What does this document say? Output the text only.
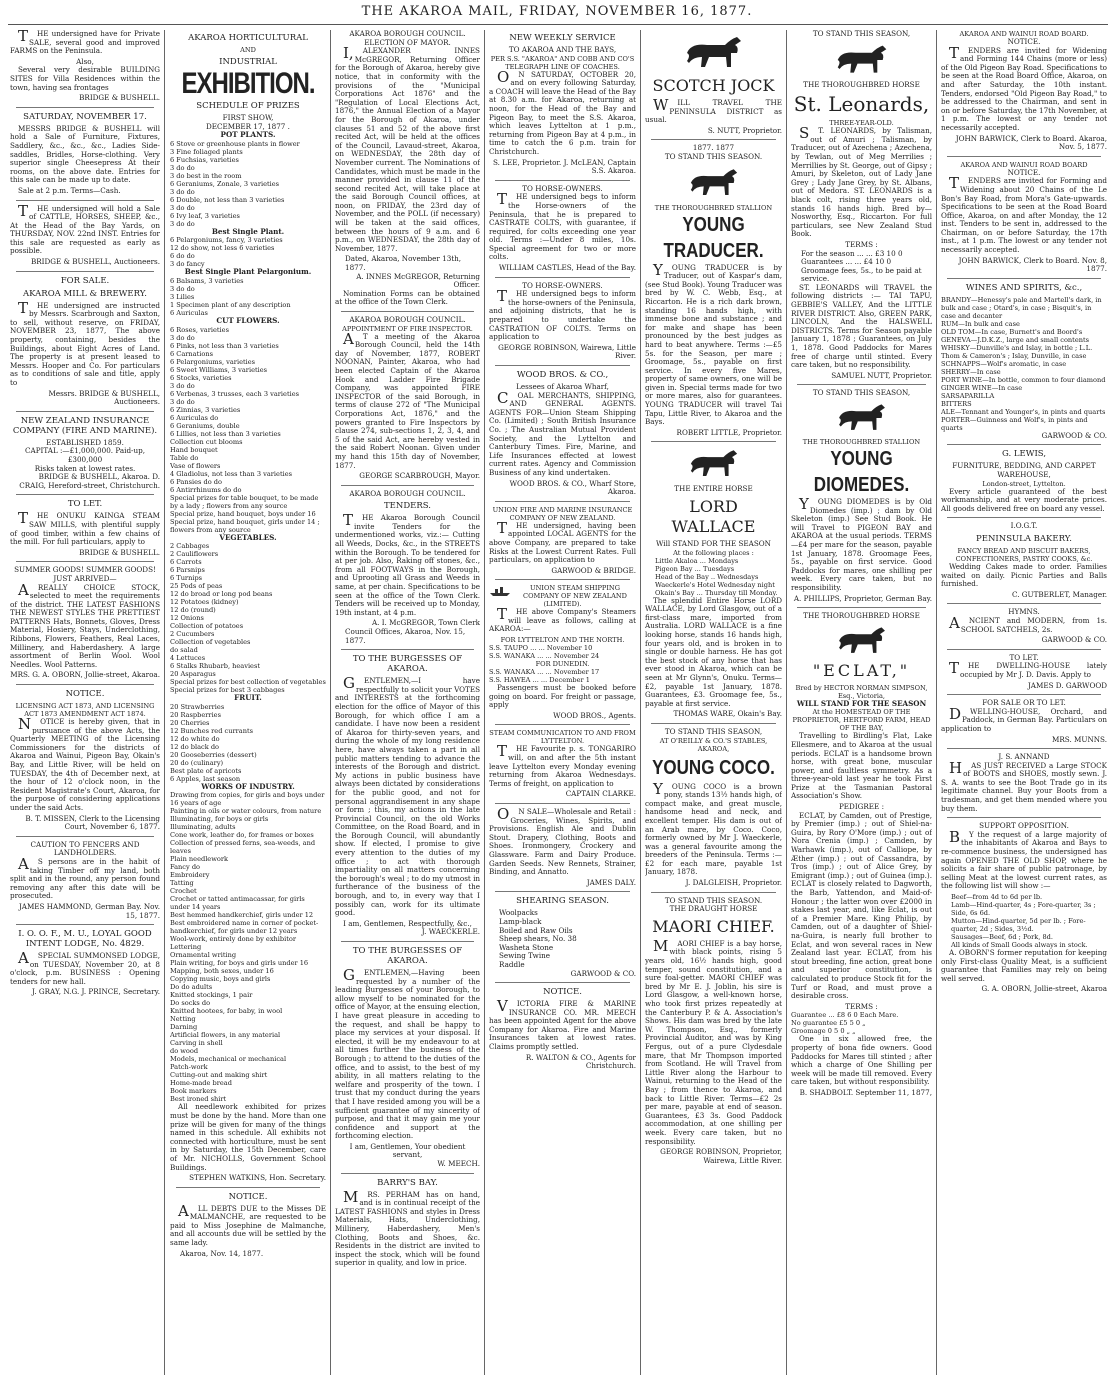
THE AKAROA MAIL, FRIDAY, NOVEMBER 16, 1877.
THE undersigned have for Private SALE, several good and improved FARMS on the Peninsula.
Also,
Several very desirable BUILDING SITES for Villa Residences within the town, having sea frontages
BRIDGE & BUSHELL.
SATURDAY, NOVEMBER 17.
MESSRS BRIDGE & BUSHELL will hold a Sale of Furniture, Fixtures, Saddlery, &c., &c., &c., Ladies Side-saddles, Bridles, Horse-clothing. Very superior single Cheesepress At their rooms, on the above date. Entries for this sale can be made up to date.
Sale at 2 p.m. Terms—Cash.
THE undersigned will hold a Sale of CATTLE, HORSES, SHEEP, &c., At the Head of the Bay Yards, on THURSDAY, NOV. 22nd INST. Entries for this sale are requested as early as possible.
BRIDGE & BUSHELL, Auctioneers.
FOR SALE.
AKAROA MILL & BREWERY.
THE undersigned are instructed by Messrs. Scarbrough and Saxton, to sell, without reserve, on FRIDAY, NOVEMBER 23, 1877, The above property, containing, besides the Buildings, about Eight Acres of Land. The property is at present leased to Messrs. Hooper and Co. For particulars as to conditions of sale and title, apply to
Messrs. BRIDGE & BUSHELL, Auctioneers.
NEW ZEALAND INSURANCE COMPANY (FIRE AND MARINE).
ESTABLISHED 1859.
CAPITAL :—£1,000,000. Paid-up, £300,000
Risks taken at lowest rates.
BRIDGE & BUSHELL, Akaroa. D. CRAIG, Hereford-street, Christchurch.
TO LET.
THE ONUKU KAINGA STEAM SAW MILLS, with plentiful supply of good timber, within a few chains of the mill. For full particulars, apply to
BRIDGE & BUSHELL.
SUMMER GOODS! SUMMER GOODS!
JUST ARRIVED—
AREALLY CHOICE STOCK, selected to meet the requirements of the district. THE LATEST FASHIONS THE NEWEST STYLES THE PRETTIEST PATTERNS Hats, Bonnets, Gloves, Dress Material, Hosiery, Stays, Underclothing, Ribbons, Flowers, Feathers, Real Laces, Millinery, and Haberdashery. A large assortment of Berlin Wool. Wool Needles. Wool Patterns.
MRS. G. A. OBORN, Jollie-street, Akaroa.
NOTICE.
LICENSING ACT 1873, AND LICENSING ACT 1873 AMENDMENT ACT 1874.
NOTICE is hereby given, that in pursuance of the above Acts, the Quarterly MEETING of the Licensing Commissioners for the districts of Akaroa and Wainui, Pigeon Bay, Okain's Bay, and Little River, will be held on TUESDAY, the 4th of December next, at the hour of 12 o'clock noon, in the Resident Magistrate's Court, Akaroa, for the purpose of considering applications under the said Acts.
B. T. MISSEN, Clerk to the Licensing Court, November 6, 1877.
CAUTION TO FENCERS AND LANDHOLDERS.
AS persons are in the habit of taking Timber off my land, both split and in the round, any person found removing any after this date will be prosecuted.
JAMES HAMMOND, German Bay. Nov. 15, 1877.
I. O. O. F., M. U., LOYAL GOOD INTENT LODGE, No. 4829.
ASPECIAL SUMMONSED LODGE, on TUESDAY, November 20, at 8 o'clock, p.m. BUSINESS : Opening tenders for new hall.
J. GRAY, N.G. J. PRINCE, Secretary.
AKAROA HORTICULTURAL
AND
INDUSTRIAL
EXHIBITION.
SCHEDULE OF PRIZES
FIRST SHOW,
DECEMBER 17, 1877 .
POT PLANTS.
6 Stove or greenhouse plants in flower
3 Fine foliaged plants
6 Fuchsias, varieties
3 do do
3 do best in the room
6 Geraniums, Zonale, 3 varieties
3 do do
6 Double, not less than 3 varieties
3 do do
6 Ivy leaf, 3 varieties
3 do do
Best Single Plant.
6 Pelargoniums, fancy, 3 varieties
12 do show, not less 6 varieties
6 do do
3 do fancy
Best Single Plant Pelargonium.
6 Balsams, 3 varieties
3 do do
3 Lilies
1 Specimen plant of any description
6 Auriculas
CUT FLOWERS.
6 Roses, varieties
3 do do
6 Pinks, not less than 3 varieties
6 Carnations
6 Pelargoniums, varieties
6 Sweet Williams, 3 varieties
6 Stocks, varieties
3 do do
6 Verbenas, 3 trusses, each 3 varieties
3 do do
6 Zinnias, 3 varieties
6 Auriculas do
6 Geraniums, double
6 Lillies, not less than 3 varieties
Collection cut blooms
Hand bouquet
Table do
Vase of flowers
4 Gladiolus, not less than 3 varieties
6 Pansies do do
6 Antirrhinums do do
Special prizes for table bouquet, to be made by a lady ; flowers from any source
Special prize, hand bouquet, boys under 16
Special prize, hand bouquet, girls under 14 ; flowers from any source
VEGETABLES.
2 Cabbages
2 Cauliflowers
6 Carrots
6 Parsnips
6 Turnips
25 Pods of peas
12 do broad or long pod beans
12 Potatoes (kidney)
12 do (round)
12 Onions
Collection of potatoes
2 Cucumbers
Collection of vegetables
do salad
4 Lettuces
6 Stalks Rhubarb, heaviest
20 Asparagus
Special prizes for best collection of vegetables
Special prizes for best 3 cabbages
FRUIT.
20 Strawberries
20 Raspberries
20 Cherries
12 Bunches red currants
12 do white do
12 do black do
20 Gooseberries (dessert)
20 do (culinary)
Best plate of apricots
6 Apples, last season
WORKS OF INDUSTRY.
Drawing from copies, for girls and boys under 16 years of age
Painting in oils or water colours, from nature
Illuminating, for boys or girls
Illuminating, adults
Cone work, leather do, for frames or boxes
Collection of pressed ferns, sea-weeds, and leaves
Plain needlework
Fancy do
Embroidery
Tatting
Crochet
Crochet or tatted antimacassar, for girls under 14 years
Best hemmed handkerchief, girls under 12
Best embroidered name in corner of pocket-handkerchief, for girls under 12 years
Wool-work, entirely done by exhibitor
Lettering
Ornamental writing
Plain writing, for boys and girls under 16
Mapping, both sexes, under 16
Copying music, boys and girls
Do do adults
Knitted stockings, 1 pair
Do socks do
Knitted hootees, for baby, in wool
Netting
Darning
Artificial flowers, in any material
Carving in shell
do wood
Models, mechanical or mechanical
Patch-work
Cutting-out and making shirt
Home-made bread
Book markers
Best ironed shirt
All needlework exhibited for prizes must be done by the hand. More than one prize will be given for many of the things named in this schedule. All exhibits not connected with horticulture, must be sent in by Saturday, the 15th December, care of Mr. NICHOLLS, Government School Buildings.
STEPHEN WATKINS, Hon. Secretary.
NOTICE.
ALL DEBTS DUE to the Misses DE MALMANCHE, are requested to be paid to Miss Josephine de Malmanche, and all accounts due will be settled by the same lady.
Akaroa, Nov. 14, 1877.
AKAROA BOROUGH COUNCIL.
ELECTION OF MAYOR.
I,ALEXANDER INNES McGREGOR, Returning Officer for the Borough of Akaroa, hereby give notice, that in conformity with the provisions of the "Municipal Corporations Act 1876" and the "Regulation of Local Elections Act, 1876," the Annual Election of a Mayor for the Borough of Akaroa, under clauses 51 and 52 of the above first recited Act, will be held at the offices of the Council, Lavaud-street, Akaroa, on WEDNESDAY, the 28th day of November current. The Nominations of Candidates, which must be made in the manner provided in clause 11 of the second recited Act, will take place at the said Borough Council offices, at noon, on FRIDAY, the 23rd day of November, and the POLL (if necessary) will be taken at the said offices, between the hours of 9 a.m. and 6 p.m., on WEDNESDAY, the 28th day of November, 1877.
Dated, Akaroa, November 13th, 1877.
A. INNES McGREGOR, Returning Officer.
Nomination Forms can be obtained at the office of the Town Clerk.
AKAROA BOROUGH COUNCIL.
APPOINTMENT OF FIRE INSPECTOR.
AT a meeting of the Akaroa Borough Council, held the 14th day of November, 1877, ROBERT NOONAN, Painter, Akaroa, who had been elected Captain of the Akaroa Hook and Ladder Fire Brigade Company, was appointed FIRE INSPECTOR of the said Borough, in terms of clause 272 of "The Municipal Corporations Act, 1876," and the powers granted to Fire Inspectors by clause 274, sub-sections 1, 2, 3, 4, and 5 of the said Act, are hereby vested in the said Robert Noonan. Given under my hand this 15th day of November, 1877.
GEORGE SCARBROUGH, Mayor.
AKAROA BOROUGH COUNCIL.
TENDERS.
THE Akaroa Borough Council invite Tenders for the undermentioned works, viz.:— Cutting all Weeds, Docks, &c., in the STREETS within the Borough. To be tendered for at per job. Also, Raking off stones, &c., from all FOOTWAYS in the Borough, and Uprooting all Grass and Weeds in same, at per chain. Specifications to be seen at the office of the Town Clerk. Tenders will be received up to Monday, 19th instant, at 4 p.m.
A. I. McGREGOR, Town Clerk
Council Offices, Akaroa, Nov. 15, 1877.
TO THE BURGESSES OF AKAROA.
GENTLEMEN,—I have respectfully to solicit your VOTES and INTERESTS at the forthcoming election for the office of Mayor of this Borough, for which office I am a candidate. I have now been a resident of Akaroa for thirty-seven years, and during the whole of my long residence here, have always taken a part in all public matters tending to advance the interests of the Borough and district. My actions in public business have always been dictated by considerations for the public good, and not for personal aggrandisement in any shape or form ; this, my actions in the late Provincial Council, on the old Works Committee, on the Road Board, and in the Borough Council, will abundantly show. If elected, I promise to give every attention to the duties of my office ; to act with thorough impartiality on all matters concerning the borough's weal ; to do my utmost in furtherance of the business of the borough, and to, in every way that I possibly can, work for its ultimate good.
I am, Gentlemen, Respectfully, &c.,
J. WAECKERLE.
TO THE BURGESSES OF AKAROA.
GENTLEMEN,—Having been requested by a number of the leading Burgesses of your Borough, to allow myself to be nominated for the office of Mayor, at the ensuing election, I have great pleasure in acceding to the request, and shall be happy to place my services at your disposal. If elected, it will be my endeavour to at all times further the business of the Borough ; to attend to the duties of the office, and to assist, to the best of my ability, in all matters relating to the welfare and prosperity of the town. I trust that my conduct during the years that I have resided among you will be a sufficient guarantee of my sincerity of purpose, and that it may gain me your confidence and support at the forthcoming election.
I am, Gentlemen, Your obedient servant,
W. MEECH.
BARRY'S BAY.
MRS. PERHAM has on hand, and is in continual receipt of the LATEST FASHIONS and styles in Dress Materials, Hats, Underclothing, Millinery, Haberdashery, Men's Clothing, Boots and Shoes, &c. Residents in the district are invited to inspect the stock, which will be found superior in quality, and low in price.
NEW WEEKLY SERVICE
TO AKAROA AND THE BAYS,
PER S.S. "AKAROA" AND COBB AND CO'S TELEGRAPH LINE OF COACHES.
ON SATURDAY, OCTOBER 20, and on every following Saturday, a COACH will leave the Head of the Bay at 8.30 a.m. for Akaroa, returning at noon, for the Head of the Bay and Pigeon Bay, to meet the S.S. Akaroa, which leaves Lyttelton at 1 p.m., returning from Pigeon Bay at 4 p.m., in time to catch the 6 p.m. train for Christchurch.
S. LEE, Proprietor. J. McLEAN, Captain S.S. Akaroa.
TO HORSE-OWNERS.
THE undersigned begs to inform the Horse-owners of the Peninsula, that he is prepared to CASTRATE COLTS, with guarantee, if required, for colts exceeding one year old. Terms :—Under 8 miles, 10s. Special agreement for two or more colts.
WILLIAM CASTLES, Head of the Bay.
TO HORSE-OWNERS.
THE undersigned begs to inform the horse-owners of the Peninsula, and adjoining districts, that he is prepared to undertake the CASTRATION OF COLTS. Terms on application to
GEORGE ROBINSON, Wairewa, Little River.
WOOD BROS. & CO.,
Lessees of Akaroa Wharf,
COAL MERCHANTS, SHIPPING, AND GENERAL AGENTS. AGENTS FOR—Union Steam Shipping Co. (Limited) ; South British Insurance Co. ; The Australian Mutual Provident Society, and the Lyttelton and Canterbury Times. Fire, Marine, and Life Insurances effected at lowest current rates. Agency and Commission Business of any kind undertaken.
WOOD BROS. & CO., Wharf Store, Akaroa.
UNION FIRE AND MARINE INSURANCE COMPANY OF NEW ZEALAND.
THE undersigned, having been appointed LOCAL AGENTS for the above Company, are prepared to take Risks at the Lowest Current Rates. Full particulars, on application to
GARWOOD & BRIDGE.
UNION STEAM SHIPPING COMPANY OF NEW ZEALAND (LIMITED).
THE above Company's Steamers will leave as follows, calling at AKAROA:—
FOR LYTTELTON AND THE NORTH.
S.S. TAUPO ... ... November 10
S.S. WANAKA ... ... November 24
FOR DUNEDIN.
S.S. WANAKA ... ... November 17
S.S. HAWEA ... ... December 1
Passengers must be booked before going on board. For freight or passage, apply
WOOD BROS., Agents.
STEAM COMMUNICATION TO AND FROM LYTTELTON.
THE Favourite p. s. TONGARIRO will, on and after the 5th instant leave Lyttelton every Monday evening returning from Akaroa Wednesdays. Terms of freight, on application to
CAPTAIN CLARKE.
ON SALE—Wholesale and Retail : Groceries, Wines, Spirits, and Provisions. English Ale and Dublin Stout. Drapery, Clothing, Boots and Shoes. Ironmongery, Crockery and Glassware. Farm and Dairy Produce. Garden Seeds. New Rennets, Strainer, Binding, and Annatto.
JAMES DALY.
SHEARING SEASON.
Woolpacks
Lamp-black
Boiled and Raw Oils
Sheep shears, No. 38
Washeta Stone
Sewing Twine
Raddle
GARWOOD & CO.
NOTICE.
VICTORIA FIRE & MARINE INSURANCE CO. MR. MEECH has been appointed Agent for the above Company for Akaroa. Fire and Marine Insurances taken at lowest rates. Claims promptly settled.
R. WALTON & CO., Agents for Christchurch.
SCOTCH JOCK
WILL TRAVEL THE PENINSULA DISTRICT as usual.
S. NUTT, Proprietor.
1877. 1877
TO STAND THIS SEASON.
THE THOROUGHBRED STALLION
YOUNG TRADUCER.
YOUNG TRADUCER is by Traducer, out of Kaspar's dam, (see Stud Book). Young Traducer was bred by W. C. Webb, Esq., at Riccarton. He is a rich dark brown, standing 16 hands high, with immense bone and substance ; and for make and shape has been pronounced by the best judges as hard to beat anywhere. Terms :—£5 5s. for the Season, per mare ; Groomage, 5s., payable on first service. In every five Mares, property of same owners, one will be given in. Special terms made for two or more mares, also for guarantees. YOUNG TRADUCER will travel Tai Tapu, Little River, to Akaroa and the Bays.
ROBERT LITTLE, Proprietor.
THE ENTIRE HORSE
LORD WALLACE
Will STAND FOR THE SEASON
At the following places :
Little Akaloa ... Mondays
Pigeon Bay ... Tuesdays
Head of the Bay .. Wednesdays
Waeckerle's Hotel Wednesday night
Okain's Bay ... Thursday till Monday.
The splendid Entire Horse LORD WALLACE, by Lord Glasgow, out of a first-class mare, imported from Australia. LORD WALLACE is a fine looking horse, stands 16 hands high, four years old, and is broken in to single or double harness. He has got the best stock of any horse that has ever stood in Akaroa, which can be seen at Mr Glynn's, Onuku. Terms—£2, payable 1st January, 1878. Guarantees, £3. Groomage fee, 5s., payable at first service.
THOMAS WARE, Okain's Bay.
TO STAND THIS SEASON,
AT O'REILLY & CO.'S STABLES, AKAROA,
YOUNG COCO.
YOUNG COCO is a brown pony, stands 13½ hands high, of compact make, and great muscle, handsome head and neck, and excellent temper. His dam is out of an Arab mare, by Coco. Coco, formerly owned by Mr J. Waeckerle, was a general favourite among the breeders of the Peninsula. Terms :—£2 for each mare, payable 1st January, 1878.
J. DALGLEISH, Proprietor.
TO STAND THIS SEASON.
THE DRAUGHT HORSE
MAORI CHIEF.
MAORI CHIEF is a bay horse, with black points, rising 5 years old, 16½ hands high, good temper, sound constitution, and a sure foal-getter. MAORI CHIEF was bred by Mr E. J. Joblin, his sire is Lord Glasgow, a well-known horse, who took first prizes repeatedly at the Canterbury P. & A. Association's Shows. His dam was bred by the late W. Thompson, Esq., formerly Provincial Auditor, and was by King Fergus, out of a pure Clydesdale mare, that Mr Thompson imported from Scotland. He will Travel from Little River along the Harbour to Wainui, returning to the Head of the Bay ; from thence to Akaroa, and back to Little River. Terms—£2 2s per mare, payable at end of season. Guarantees, £3 3s. Good Paddock accommodation, at one shilling per week. Every care taken, but no responsibility.
GEORGE ROBINSON, Proprietor, Wairewa, Little River.
TO STAND THIS SEASON,
THE THOROUGHBRED HORSE
St. Leonards,
THREE-YEAR-OLD.
ST. LEONARDS, by Talisman, out of Amuri ; Talisman, by Traducer, out of Azechena ; Azechena, by Tewlan, out of Meg Merrilies ; Merrillies by St. George, out of Gipsy ; Amuri, by Skeleton, out of Lady Jane Grey ; Lady Jane Grey, by St. Albans, out of Medora. ST. LEONARDS is a black colt, rising three years old, stands 16 hands high. Bred by—Nosworthy, Esq., Riccarton. For full particulars, see New Zealand Stud Book.
TERMS :
For the season ... ... £3 10 0
Guarantees ... ... £4 10 0
Groomage fees, 5s., to be paid at service.
ST. LEONARDS will TRAVEL the following districts :— TAI TAPU, GEBBIE'S VALLEY, And the LITTLE RIVER DISTRICT. Also, GREEN PARK, LINCOLN, And the HALSWELL DISTRICTS. Terms for Season payable January 1, 1878 ; Guarantees, on July 1, 1878. Good Paddocks for Mares free of charge until stinted. Every care taken, but no responsibility.
SAMUEL NUTT, Proprietor.
TO STAND THIS SEASON,
THE THOROUGHBRED STALLION
YOUNG DIOMEDES.
YOUNG DIOMEDES is by Old Diomedes (imp.) ; dam by Old Skeleton (imp.) See Stud Book. He will Travel to PIGEON BAY and AKAROA at the usual periods. TERMS—£4 per mare for the season, payable 1st January, 1878. Groomage Fees, 5s., payable on first service. Good Paddocks for mares, one shilling per week. Every care taken, but no responsibility.
A. PHILLIPS, Proprietor, German Bay.
THE THOROUGHBRED HORSE
"ECLAT,"
Bred by HECTOR NORMAN SIMPSON, Esq., Victoria,
WILL STAND FOR THE SEASON
At the HOMESTEAD OF THE PROPRIETOR, HERTFORD FARM, HEAD OF THE BAY,
Travelling to Birdling's Flat, Lake Ellesmere, and to Akaroa at the usual periods. ECLAT is a handsome brown horse, with great bone, muscular power, and faultless symmetry. As a three-year-old last year he took First Prize at the Tasmanian Pastoral Association's Show.
PEDIGREE :
ECLAT, by Camden, out of Prestige, by Premier (imp.) ; out of Shiel-na-Guira, by Rory O'More (imp.) ; out of Nora Crenia (imp.) ; Camden, by Warhawk (imp.), out of Calliope, by Æther (imp.) ; out of Cassandra, by Tros (imp.) ; out of Alice Grey, by Emigrant (imp.) ; out of Guinea (imp.). ECLAT is closely related to Dagworth, the Barb, Yattendon, and Maid-of-Honour ; the latter won over £2000 in stakes last year, and, like Eclat, is out of a Premier Mare. King Philip, by Camden, out of a daughter of Shiel-na-Guira, is nearly full brother to Eclat, and won several races in New Zealand last year. ECLAT, from his stout breeding, fine action, great bone and superior constitution, is calculated to produce Stock fit for the Turf or Road, and must prove a desirable cross.
TERMS :
Guarantee ... £8 6 0 Each Mare.
No guarantee £5 5 0 „
Groomage 0 5 0 „ „
One in six allowed free, the property of bona fide owners. Good Paddocks for Mares till stinted ; after which a charge of One Shilling per week will be made till removed. Every care taken, but without responsibility.
B. SHADBOLT. September 11, 1877,
AKAROA AND WAINUI ROAD BOARD.
NOTICE.
TENDERS are invited for Widening and Forming 144 Chains (more or less) of the Old Pigeon Bay Road. Specifications to be seen at the Road Board Office, Akaroa, on and after Saturday, the 10th instant. Tenders, endorsed "Old Pigeon Bay Road," to be addressed to the Chairman, and sent in on or before Saturday, the 17th November, at 1 p.m. The lowest or any tender not necessarily accepted.
JOHN BARWICK, Clerk to Board. Akaroa, Nov. 5, 1877.
AKAROA AND WAINUI ROAD BOARD
NOTICE.
TENDERS are invited for Forming and Widening about 20 Chains of the Le Bon's Bay Road, from Mora's Gate-upwards. Specifications to be seen at the Road Board Office, Akaroa, on and after Monday, the 12 inst. Tenders to be sent in, addressed to the Chairman, on or before Saturday, the 17th inst., at 1 p.m. The lowest or any tender not necessarily accepted.
JOHN BARWICK, Clerk to Board. Nov. 8, 1877.
WINES AND SPIRITS, &c.,
BRANDY—Henessy's pale and Martell's dark, in bulk and case ; Otard's, in case ; Bisquit's, in case and decanter
RUM—In bulk and case
OLD TOM—In case, Burnett's and Boord's
GENEVA—J.D.K.Z., large and small contents
WHISKY—Dunville's and Islay, in bottle ; L.L. Thom & Cameron's ; Islay, Dunville, in case
SCHNAPPS—Wolf's aromatic, in case
SHERRY—In case
PORT WINE—In bottle, common to four diamond
GINGER WINE—In case
SARSAPARILLA
BITTERS
ALE—Tennant and Younger's, in pints and quarts
PORTER—Guinness and Wolf's, in pints and quarts
GARWOOD & CO.
G. LEWIS,
FURNITURE, BEDDING, AND CARPET WAREHOUSE,
London-street, Lyttelton.
Every article guaranteed of the best workmanship, and at very moderate prices. All goods delivered free on board any vessel.
I.O.G.T.
PENINSULA BAKERY.
FANCY BREAD AND BISCUIT BAKERS, CONFECTIONERS, PASTRY COOKS, &c.
Wedding Cakes made to order. Families waited on daily. Picnic Parties and Balls furnished.
C. GUTBERLET, Manager.
HYMNS.
ANCIENT and MODERN, from 1s. SCHOOL SATCHELS, 2s.
GARWOOD & CO.
TO LET.
THE DWELLING-HOUSE lately occupied by Mr J. D. Davis. Apply to
JAMES D. GARWOOD
FOR SALE OR TO LET.
DWELLING-HOUSE, Orchard, and Paddock, in German Bay. Particulars on application to
MRS. MUNNS.
J. S. ANNAND
HAS JUST RECEIVED a Large STOCK of BOOTS and SHOES, mostly sewn. J. S. A. wants to see the Boot Trade go in its legitimate channel. Buy your Boots from a tradesman, and get them mended where you buy them.
SUPPORT OPPOSITION.
BY the request of a large majority of the inhabitants of Akaroa and Bays to re-commence business, the undersigned has again OPENED THE OLD SHOP, where he solicits a fair share of public patronage, by selling Meat at the lowest current rates, as the following list will show :—
Beef—from 4d to 6d per lb.
Lamb—Hind-quarter, 4s ; Fore-quarter, 3s ; Side, 6s 6d.
Mutton—Hind-quarter, 5d per lb. ; Fore-quarter, 2d ; Sides, 3½d.
Sausages—Beef, 6d ; Pork, 8d.
All kinds of Small Goods always in stock.
A. OBORN'S former reputation for keeping only First-class Quality Meat, is a sufficient guarantee that Families may rely on being well served.
G. A. OBORN, Jollie-street, Akaroa
